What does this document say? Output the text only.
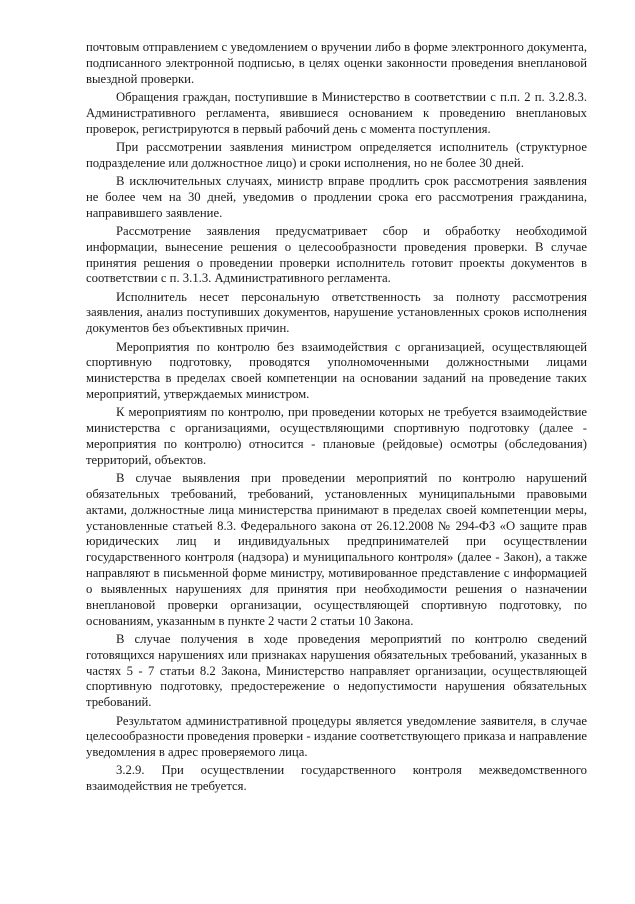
почтовым отправлением с уведомлением о вручении либо в форме электронного документа, подписанного электронной подписью, в целях оценки законности проведения внеплановой выездной проверки.

Обращения граждан, поступившие в Министерство в соответствии с п.п. 2 п. 3.2.8.3. Административного регламента, явившиеся основанием к проведению внеплановых проверок, регистрируются в первый рабочий день с момента поступления.

При рассмотрении заявления министром определяется исполнитель (структурное подразделение или должностное лицо) и сроки исполнения, но не более 30 дней.

В исключительных случаях, министр вправе продлить срок рассмотрения заявления не более чем на 30 дней, уведомив о продлении срока его рассмотрения гражданина, направившего заявление.

Рассмотрение заявления предусматривает сбор и обработку необходимой информации, вынесение решения о целесообразности проведения проверки. В случае принятия решения о проведении проверки исполнитель готовит проекты документов в соответствии с п. 3.1.3. Административного регламента.

Исполнитель несет персональную ответственность за полноту рассмотрения заявления, анализ поступивших документов, нарушение установленных сроков исполнения документов без объективных причин.

Мероприятия по контролю без взаимодействия с организацией, осуществляющей спортивную подготовку, проводятся уполномоченными должностными лицами министерства в пределах своей компетенции на основании заданий на проведение таких мероприятий, утверждаемых министром.

К мероприятиям по контролю, при проведении которых не требуется взаимодействие министерства с организациями, осуществляющими спортивную подготовку (далее - мероприятия по контролю) относится - плановые (рейдовые) осмотры (обследования) территорий, объектов.

В случае выявления при проведении мероприятий по контролю нарушений обязательных требований, требований, установленных муниципальными правовыми актами, должностные лица министерства принимают в пределах своей компетенции меры, установленные статьей 8.3. Федерального закона от 26.12.2008 № 294-ФЗ «О защите прав юридических лиц и индивидуальных предпринимателей при осуществлении государственного контроля (надзора) и муниципального контроля» (далее - Закон), а также направляют в письменной форме министру, мотивированное представление с информацией о выявленных нарушениях для принятия при необходимости решения о назначении внеплановой проверки организации, осуществляющей спортивную подготовку, по основаниям, указанным в пункте 2 части 2 статьи 10 Закона.

В случае получения в ходе проведения мероприятий по контролю сведений готовящихся нарушениях или признаках нарушения обязательных требований, указанных в частях 5 - 7 статьи 8.2 Закона, Министерство направляет организации, осуществляющей спортивную подготовку, предостережение о недопустимости нарушения обязательных требований.

Результатом административной процедуры является уведомление заявителя, в случае целесообразности проведения проверки - издание соответствующего приказа и направление уведомления в адрес проверяемого лица.

3.2.9. При осуществлении государственного контроля межведомственного взаимодействия не требуется.
